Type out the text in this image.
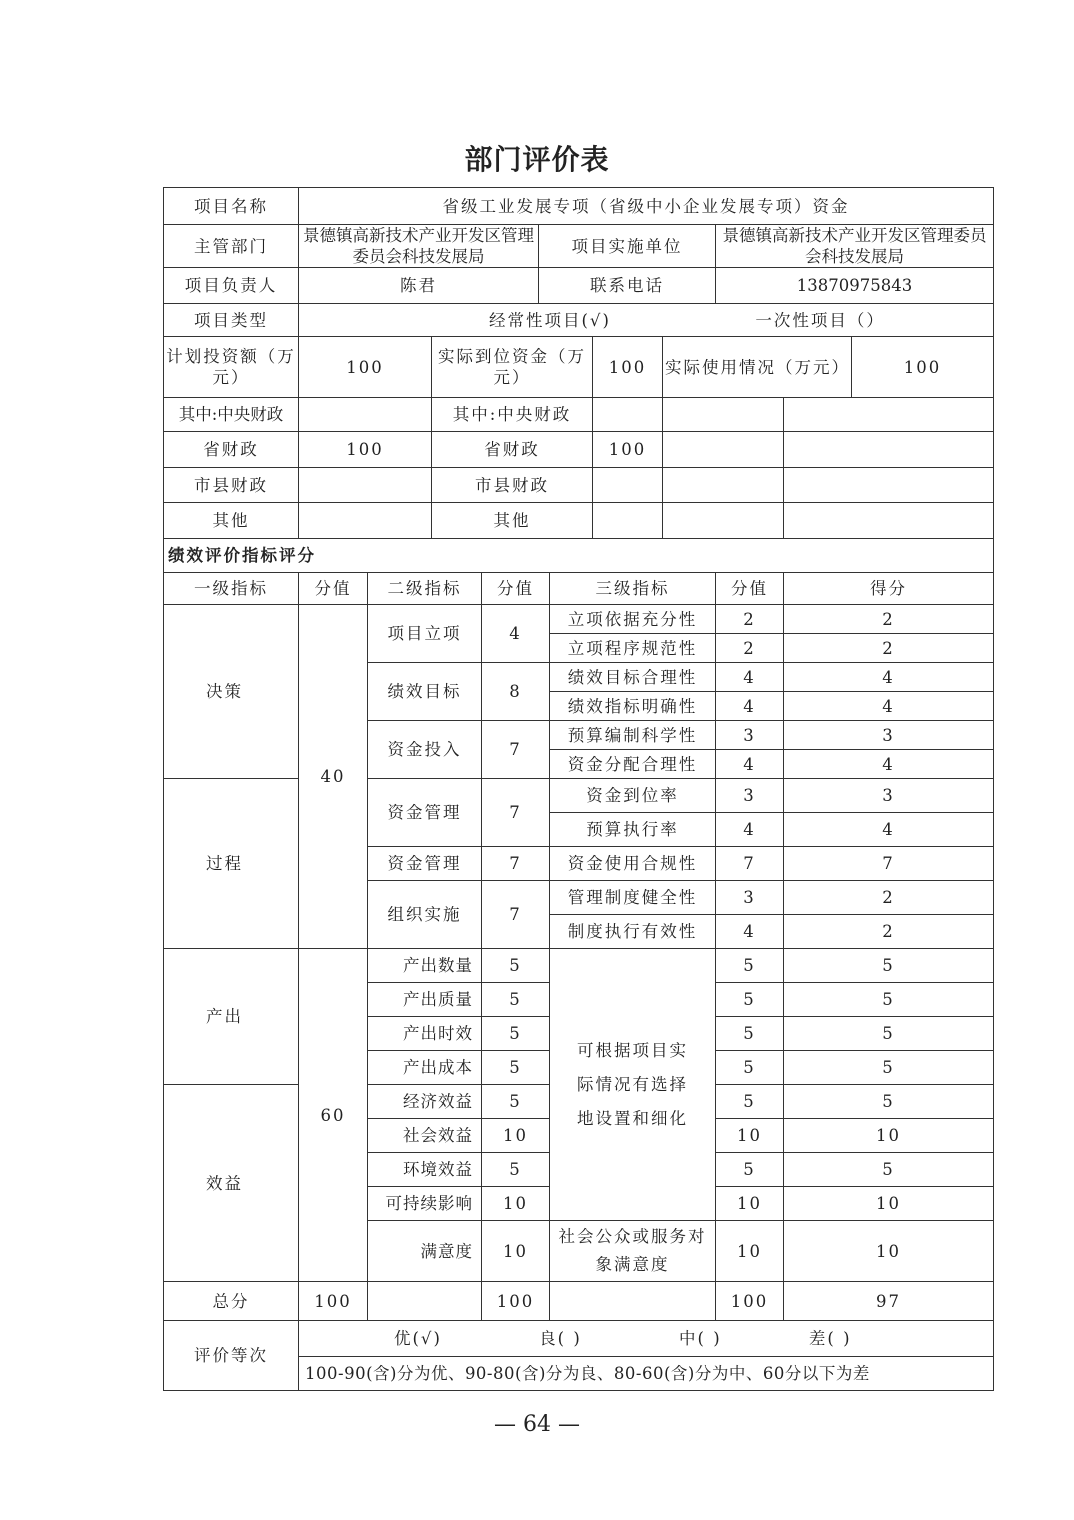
部门评价表
项目名称	省级工业发展专项（省级中小企业发展专项）资金										
主管部门	景德镇高新技术产业开发区管理委员会科技发展局				项目实施单位				景德镇高新技术产业开发区管理委员会科技发展局		
项目负责人	陈君				联系电话				13870975843		
项目类型	经常性项目(√) 一次性项目（）										
计划投资额（万元）	100		实际到位资金（万元）				100	实际使用情况（万元）			100
其中:中央财政			其中:中央财政								
省财政	100		省财政				100				
市县财政			市县财政								
其他			其他								
绩效评价指标评分											
一级指标	分值	二级指标		分值		三级指标			分值	得分	
决策	40	项目立项		4		立项依据充分性			2	2	
						立项程序规范性			2	2	
		绩效目标		8		绩效目标合理性			4	4	
						绩效指标明确性			4	4	
		资金投入		7		预算编制科学性			3	3	
						资金分配合理性			4	4	
过程		资金管理		7		资金到位率			3	3	
						预算执行率			4	4	
		资金管理		7		资金使用合规性			7	7	
		组织实施		7		管理制度健全性			3	2	
						制度执行有效性			4	2	
产出	60	产出数量		5		可根据项目实际情况有选择地设置和细化			5	5	
		产出质量		5					5	5	
		产出时效		5					5	5	
		产出成本		5					5	5	
效益		经济效益		5					5	5	
		社会效益		10					10	10	
		环境效益		5					5	5	
		可持续影响		10					10	10	
		满意度		10		社会公众或服务对象满意度			10	10	
总分	100			100					100	97	
评价等次	优(√) 良( ) 中( ) 差( )										
	100-90(含)分为优、90-80(含)分为良、80-60(含)分为中、60分以下为差										
— 64 —
